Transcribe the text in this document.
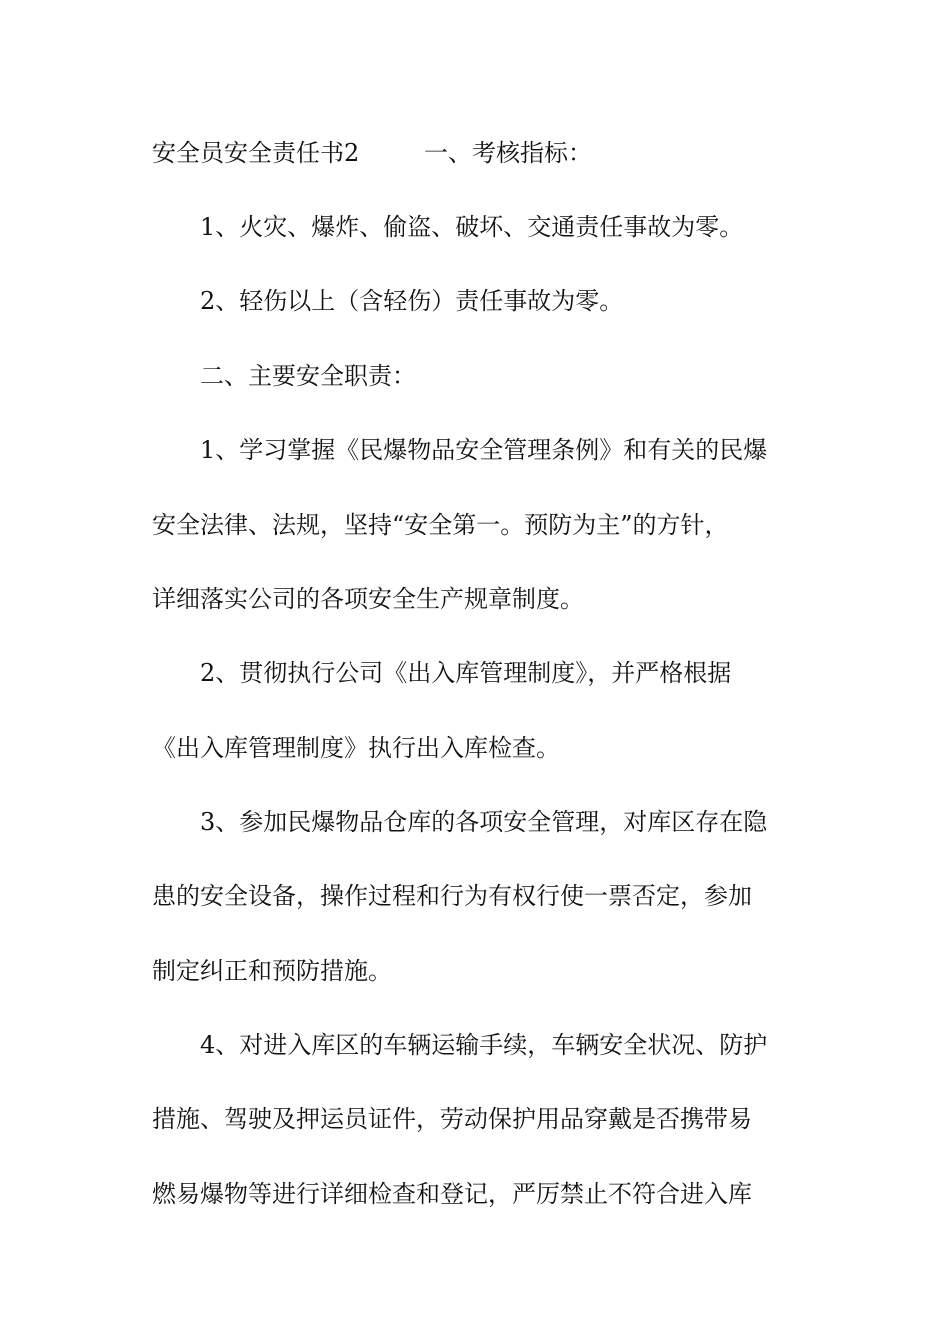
安全员安全责任书2	一、考核指标：
1、火灾、爆炸、偷盗、破坏、交通责任事故为零。
2、轻伤以上（含轻伤）责任事故为零。
二、主要安全职责：
1、学习掌握《民爆物品安全管理条例》和有关的民爆
安全法律、法规，坚持“安全第一。预防为主”的方针，
详细落实公司的各项安全生产规章制度。
2、贯彻执行公司《出入库管理制度》，并严格根据
《出入库管理制度》执行出入库检查。
3、参加民爆物品仓库的各项安全管理，对库区存在隐
患的安全设备，操作过程和行为有权行使一票否定，参加
制定纠正和预防措施。
4、对进入库区的车辆运输手续，车辆安全状况、防护
措施、驾驶及押运员证件，劳动保护用品穿戴是否携带易
燃易爆物等进行详细检查和登记，严厉禁止不符合进入库
